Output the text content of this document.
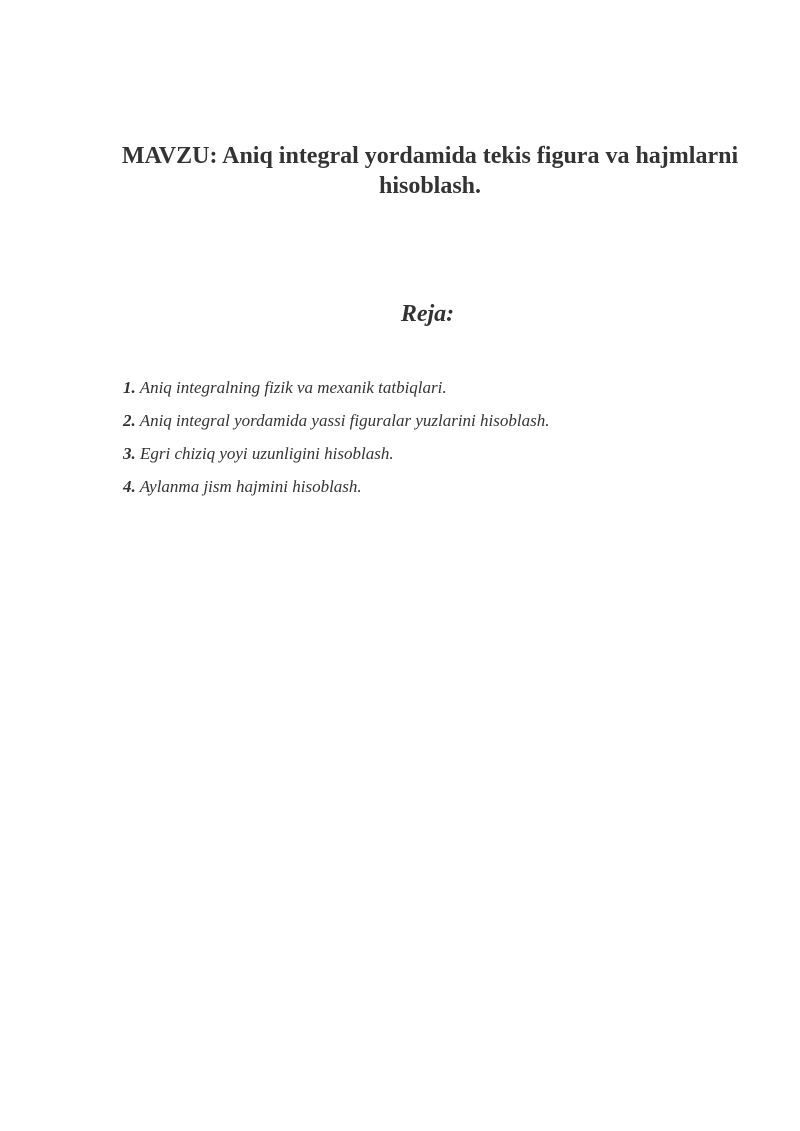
MAVZU: Aniq integral yordamida tekis figura va hajmlarni hisoblash.
Reja:
1. Aniq integralning fizik va mexanik tatbiqlari.
2. Aniq integral yordamida yassi figuralar yuzlarini hisoblash.
3. Egri chiziq yoyi uzunligini hisoblash.
4. Aylanma jism hajmini hisoblash.
